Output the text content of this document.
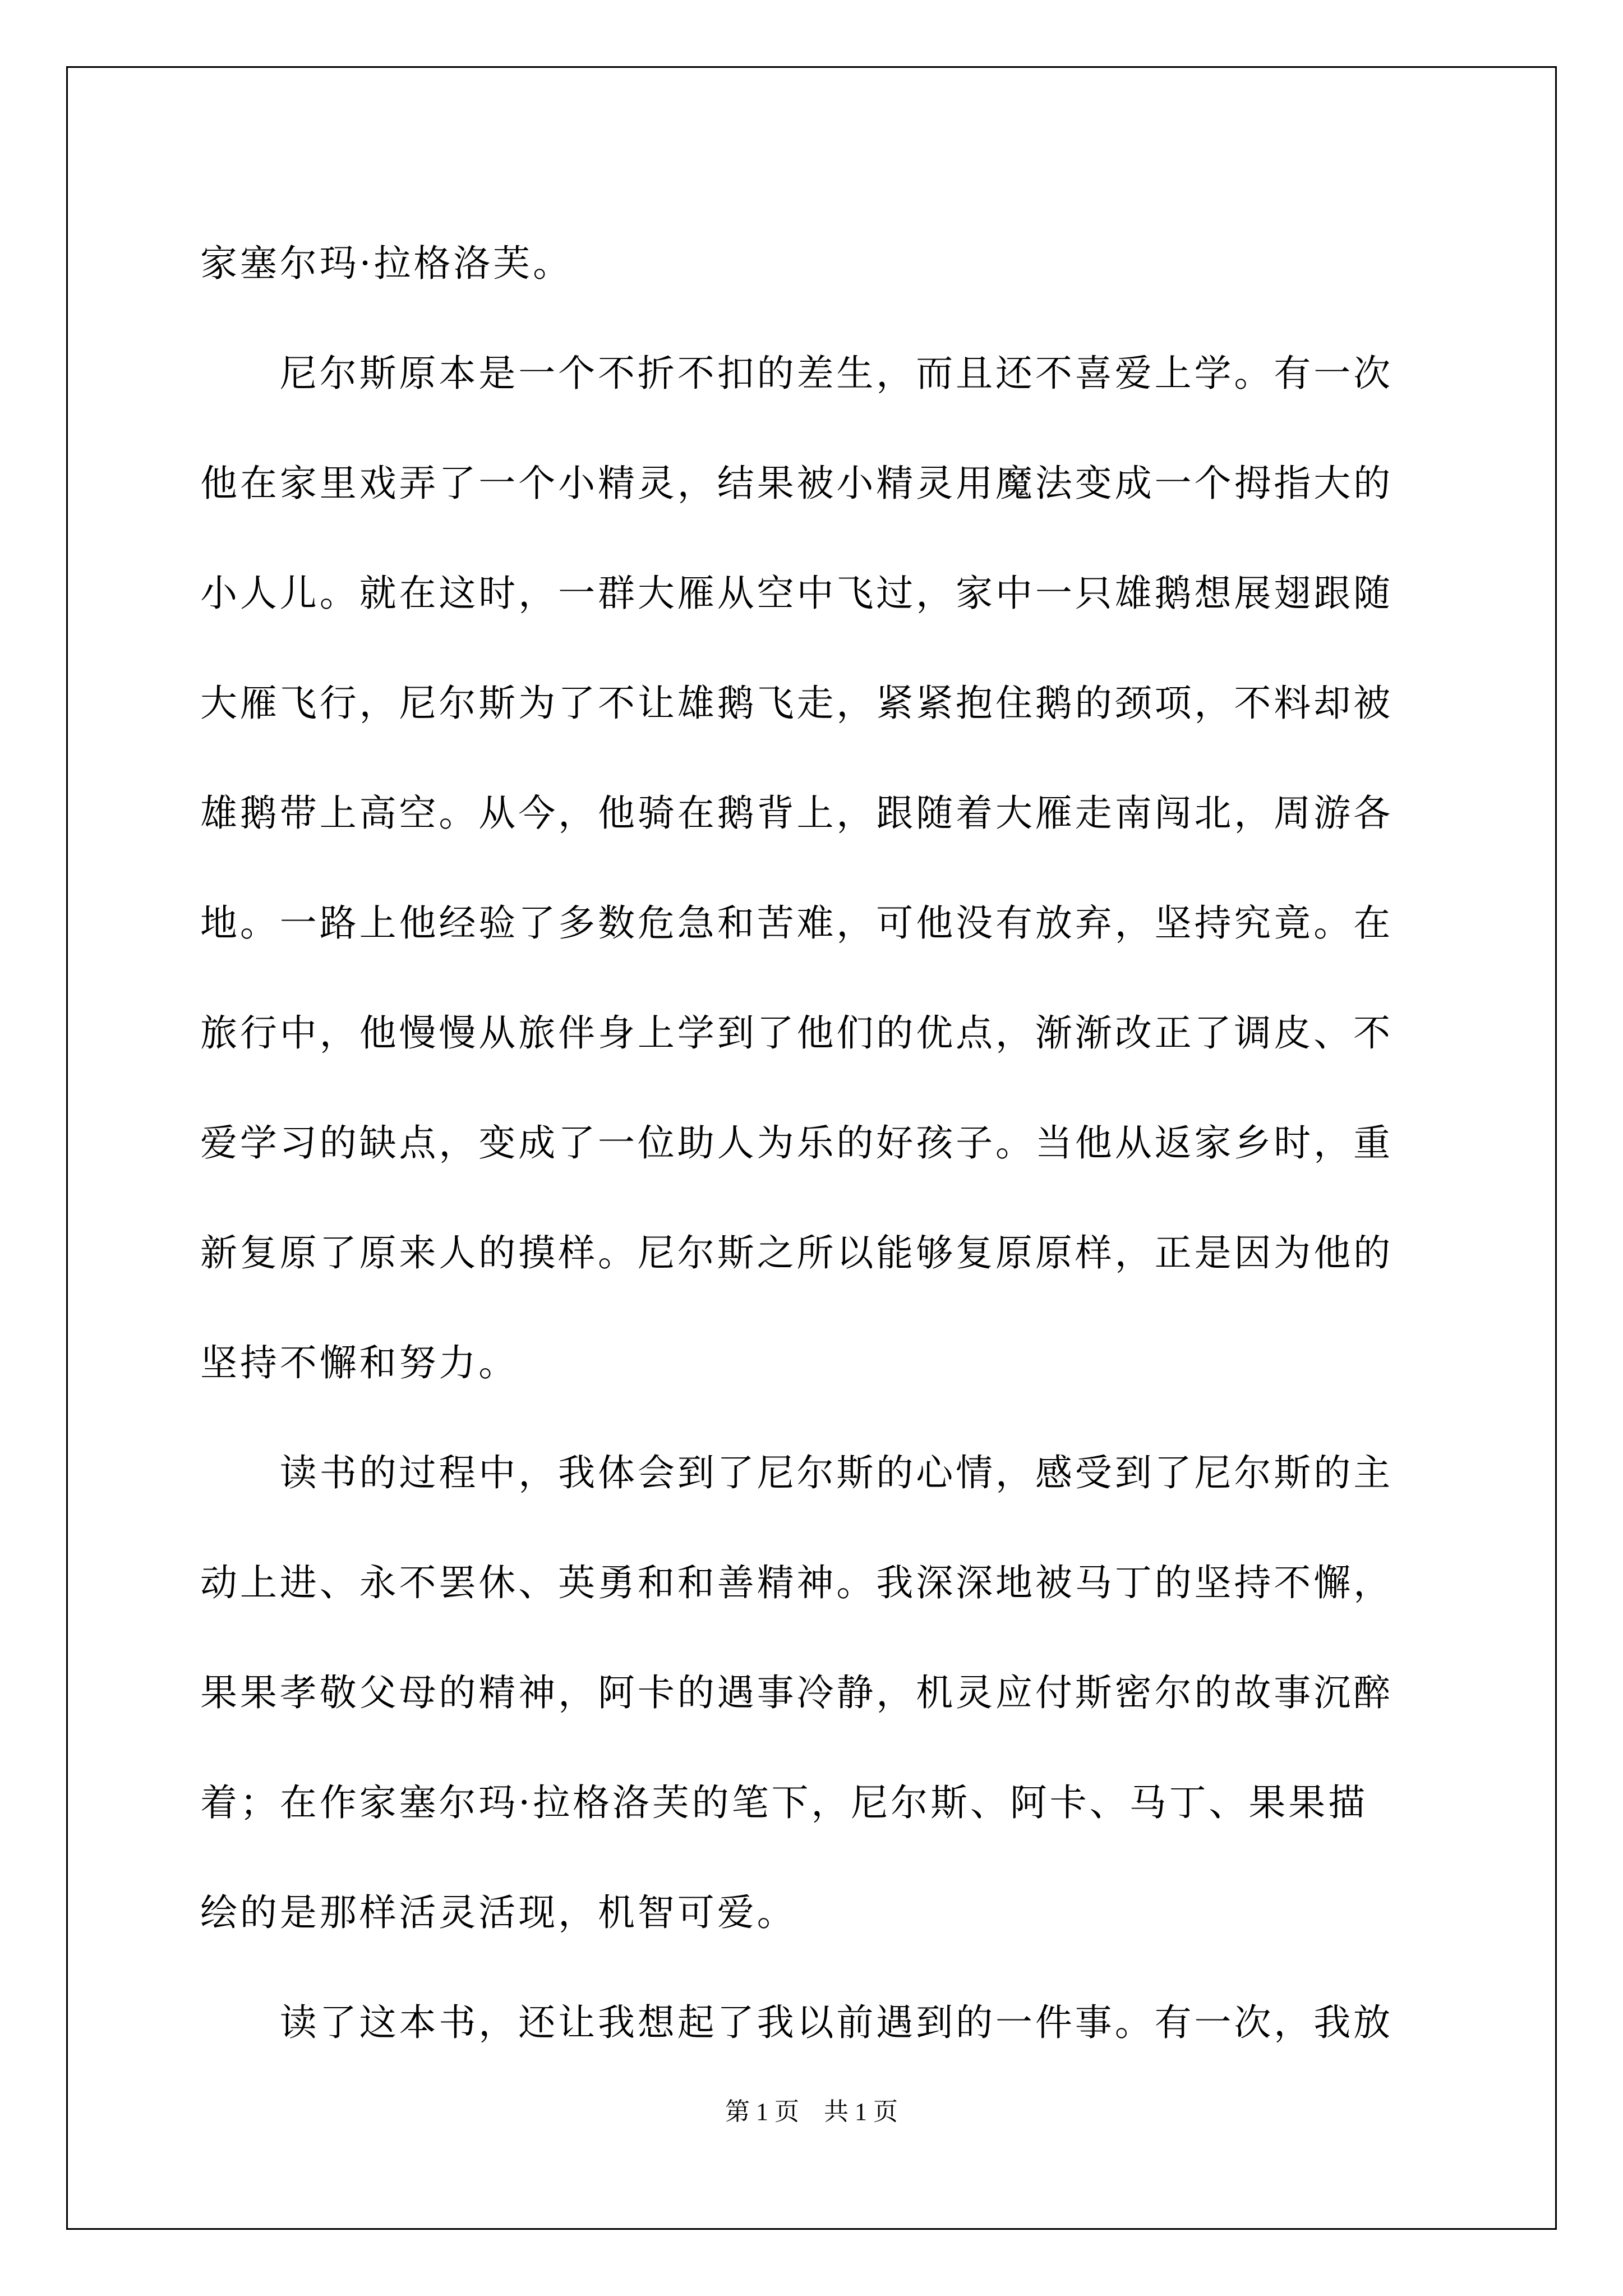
家塞尔玛·拉格洛芙。
　　尼尔斯原本是一个不折不扣的差生，而且还不喜爱上学。有一次
他在家里戏弄了一个小精灵，结果被小精灵用魔法变成一个拇指大的
小人儿。就在这时，一群大雁从空中飞过，家中一只雄鹅想展翅跟随
大雁飞行，尼尔斯为了不让雄鹅飞走，紧紧抱住鹅的颈项，不料却被
雄鹅带上高空。从今，他骑在鹅背上，跟随着大雁走南闯北，周游各
地。一路上他经验了多数危急和苦难，可他没有放弃，坚持究竟。在
旅行中，他慢慢从旅伴身上学到了他们的优点，渐渐改正了调皮、不
爱学习的缺点，变成了一位助人为乐的好孩子。当他从返家乡时，重
新复原了原来人的摸样。尼尔斯之所以能够复原原样，正是因为他的
坚持不懈和努力。
　　读书的过程中，我体会到了尼尔斯的心情，感受到了尼尔斯的主
动上进、永不罢休、英勇和和善精神。我深深地被马丁的坚持不懈，
果果孝敬父母的精神，阿卡的遇事冷静，机灵应付斯密尔的故事沉醉
着；在作家塞尔玛·拉格洛芙的笔下，尼尔斯、阿卡、马丁、果果描
绘的是那样活灵活现，机智可爱。
　　读了这本书，还让我想起了我以前遇到的一件事。有一次，我放
第 1 页　共 1 页
